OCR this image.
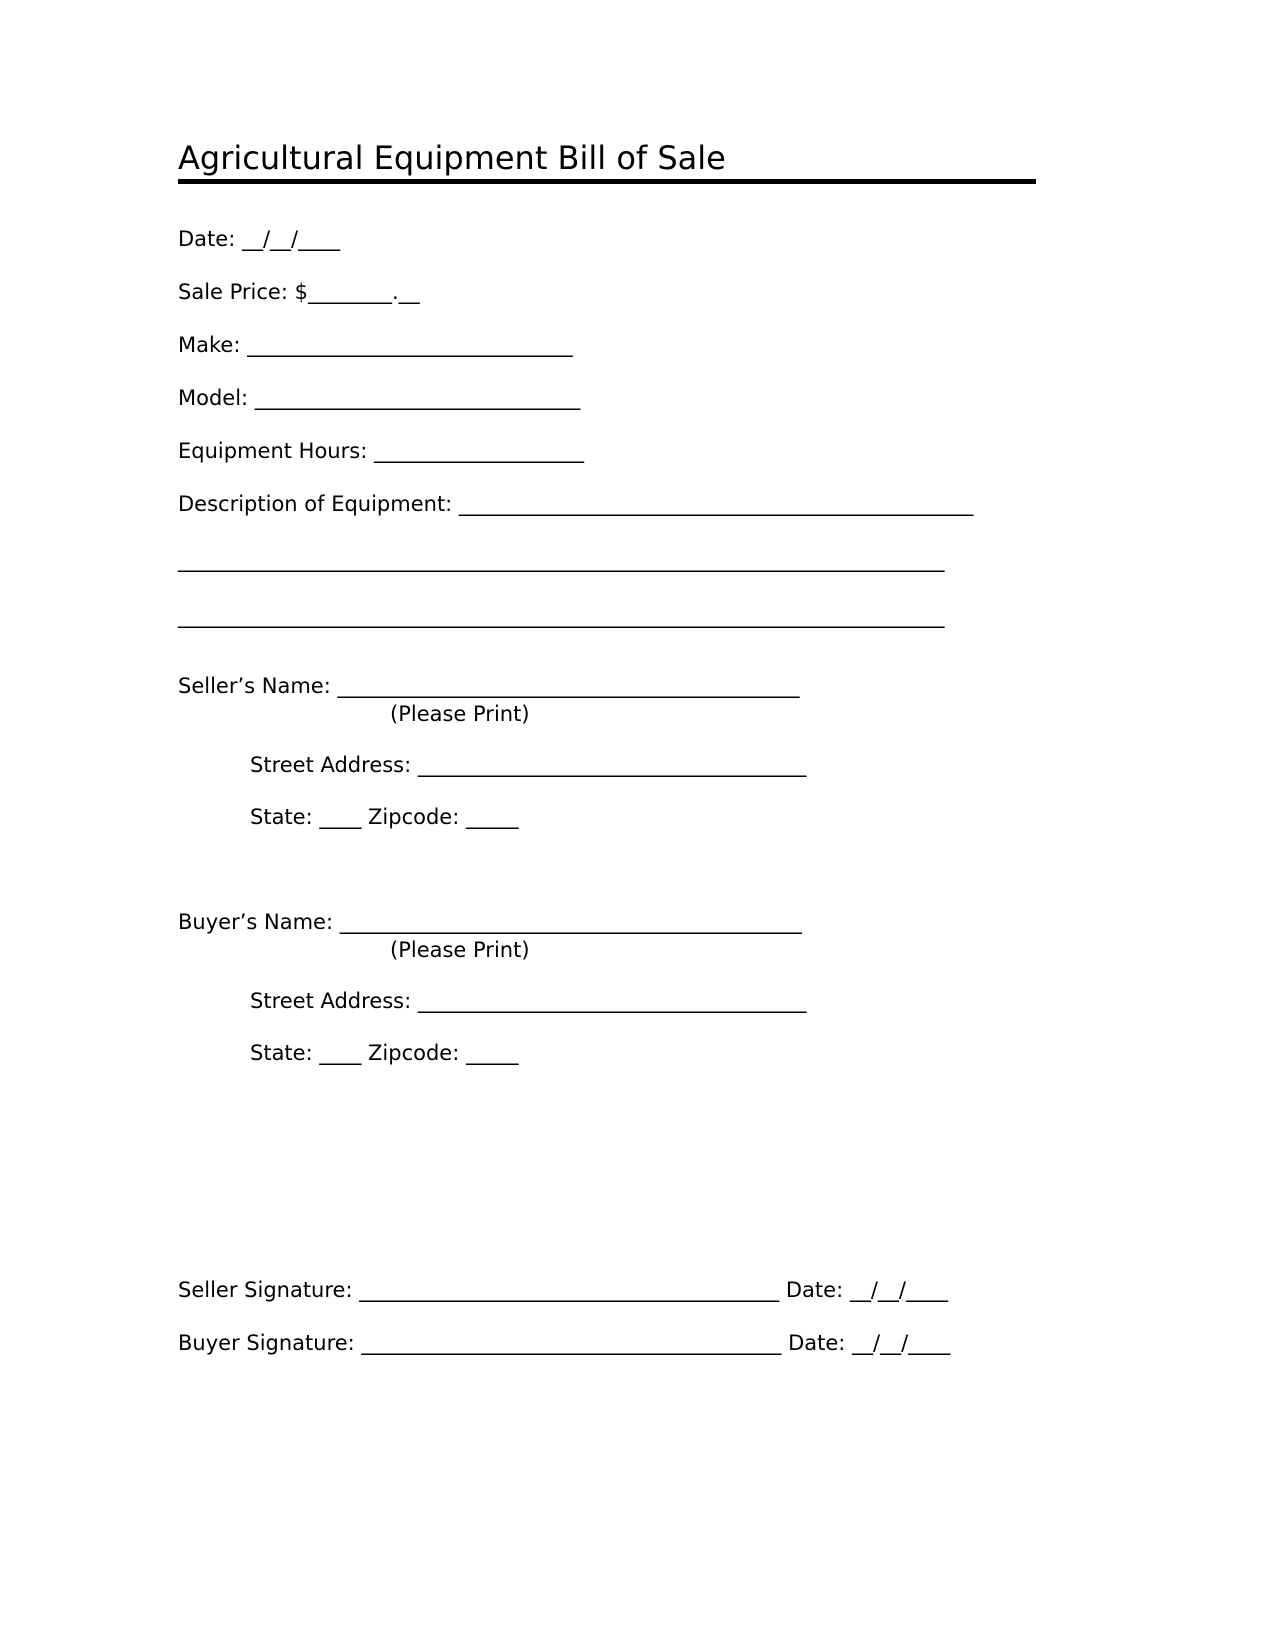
Agricultural Equipment Bill of Sale
Date: __/__/____
Sale Price: $________.__
Make: _______________________________
Model: _______________________________
Equipment Hours: ____________________
Description of Equipment: _________________________________________________
_________________________________________________________________________
_________________________________________________________________________
Seller’s Name: ____________________________________________
(Please Print)
Street Address: _____________________________________
State: ____ Zipcode: _____
Buyer’s Name: ____________________________________________
(Please Print)
Street Address: _____________________________________
State: ____ Zipcode: _____
Seller Signature: ________________________________________ Date: __/__/____
Buyer Signature: ________________________________________ Date: __/__/____
